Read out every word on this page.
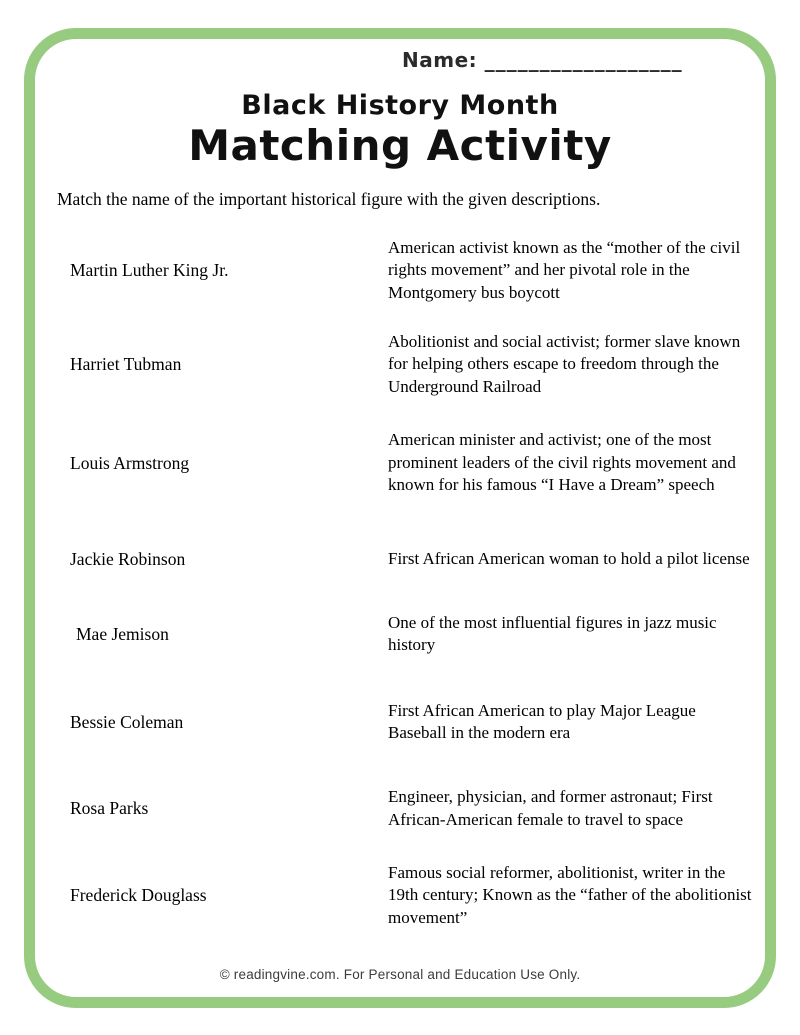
Name: __________________
Black History Month
Matching Activity
Match the name of the important historical figure with the given descriptions.
Martin Luther King Jr.
American activist known as the “mother of the civil rights movement” and her pivotal role in the Montgomery bus boycott
Harriet Tubman
Abolitionist and social activist; former slave known for helping others escape to freedom through the Underground Railroad
Louis Armstrong
American minister and activist; one of the most prominent leaders of the civil rights movement and known for his famous “I Have a Dream” speech
Jackie Robinson	First African American woman to hold a pilot license
Mae Jemison
One of the most influential figures in jazz music history
Bessie Coleman
First African American to play Major League Baseball in the modern era
Rosa Parks
Engineer, physician, and former astronaut; First African-American female to travel to space
Frederick Douglass
Famous social reformer, abolitionist, writer in the 19th century; Known as the “father of the abolitionist movement”
© readingvine.com. For Personal and Education Use Only.
